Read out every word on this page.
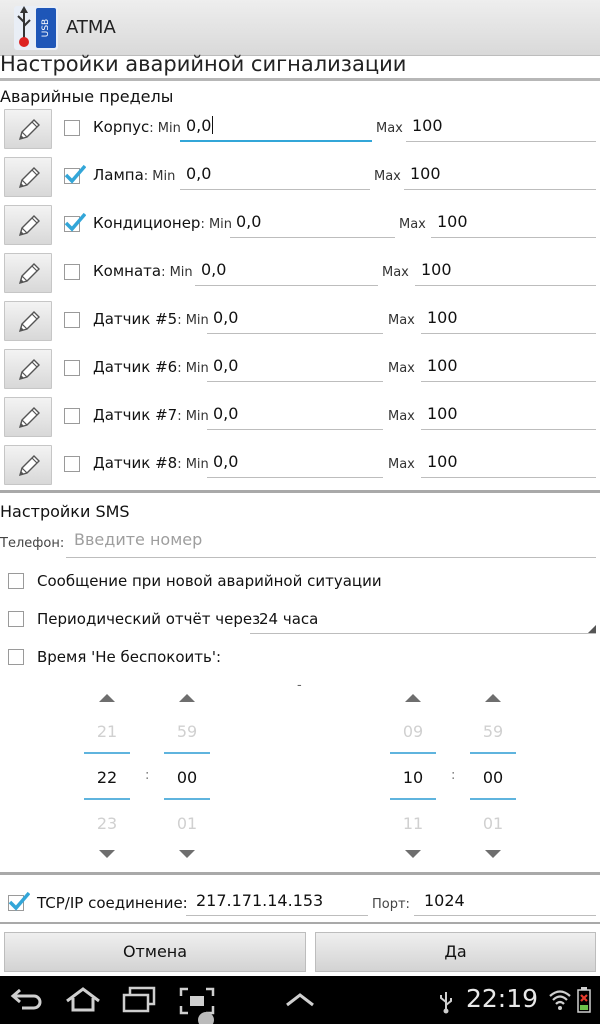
USB ATMA
Настройки аварийной сигнализации
Аварийные пределы
Корпус: Min 0,0	Max 100
Лампа: Min 0,0	Max 100
Кондиционер: Min 0,0	Max 100
Комната: Min 0,0	Max 100
Датчик #5: Min 0,0	Max 100
Датчик #6: Min 0,0	Max 100
Датчик #7: Min 0,0	Max 100
Датчик #8: Min 0,0	Max 100
Настройки SMS
Телефон: Введите номер
Сообщение при новой аварийной ситуации
Периодический отчёт через
24 часа
Время 'Не беспокоить':
-
21
22
23
:
59
00
01
09
10
11
:
59
00
01
TCP/IP соединение: 217.171.14.153	Порт: 1024
Отмена	Да
22:19
